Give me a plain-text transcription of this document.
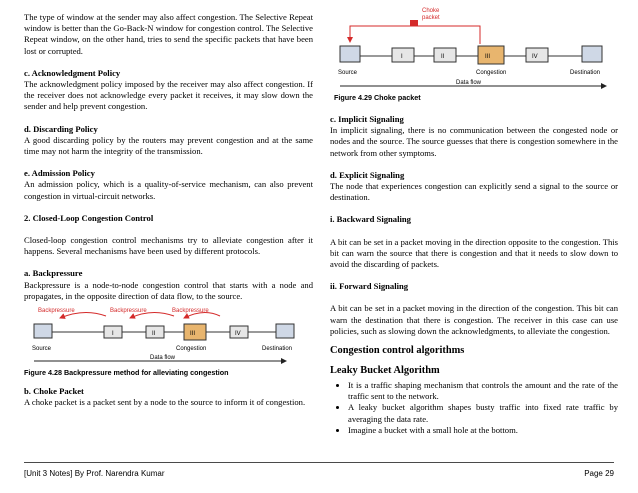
The type of window at the sender may also affect congestion. The Selective Repeat window is better than the Go-Back-N window for congestion control. The Selective Repeat window, on the other hand, tries to send the specific packets that have been lost or corrupted.

c. Acknowledgment Policy

The acknowledgment policy imposed by the receiver may also affect congestion. If the receiver does not acknowledge every packet it receives, it may slow down the sender and help prevent congestion.

d. Discarding Policy

A good discarding policy by the routers may prevent congestion and at the same time may not harm the integrity of the transmission.

e. Admission Policy

An admission policy, which is a quality-of-service mechanism, can also prevent congestion in virtual-circuit networks.

2. Closed-Loop Congestion Control

Closed-loop congestion control mechanisms try to alleviate congestion after it happens. Several mechanisms have been used by different protocols.

a. Backpressure

Backpressure is a node-to-node congestion control that starts with a node and propagates, in the opposite direction of data flow, to the source.

Backpressure	Backpressure	Backpressure
I	II	III	IV
Source	Congestion	Destination
Data flow
Figure 4.28 Backpressure method for alleviating congestion

b. Choke Packet

A choke packet is a packet sent by a node to the source to inform it of congestion.

Choke packet
I	II	III	IV
Source	Congestion	Destination
Data flow
Figure 4.29 Choke packet

c. Implicit Signaling

In implicit signaling, there is no communication between the congested node or nodes and the source. The source guesses that there is congestion somewhere in the network from other symptoms.

d. Explicit Signaling

The node that experiences congestion can explicitly send a signal to the source or destination.

i. Backward Signaling

A bit can be set in a packet moving in the direction opposite to the congestion. This bit can warn the source that there is congestion and that it needs to slow down to avoid the discarding of packets.

ii. Forward Signaling

A bit can be set in a packet moving in the direction of the congestion. This bit can warn the destination that there is congestion. The receiver in this case can use policies, such as slowing down the acknowledgments, to alleviate the congestion.

Congestion control algorithms

Leaky Bucket Algorithm

• It is a traffic shaping mechanism that controls the amount and the rate of the traffic sent to the network.
• A leaky bucket algorithm shapes busty traffic into fixed rate traffic by averaging the data rate.
• Imagine a bucket with a small hole at the bottom.
[Unit 3 Notes] By Prof. Narendra Kumar	Page 29
